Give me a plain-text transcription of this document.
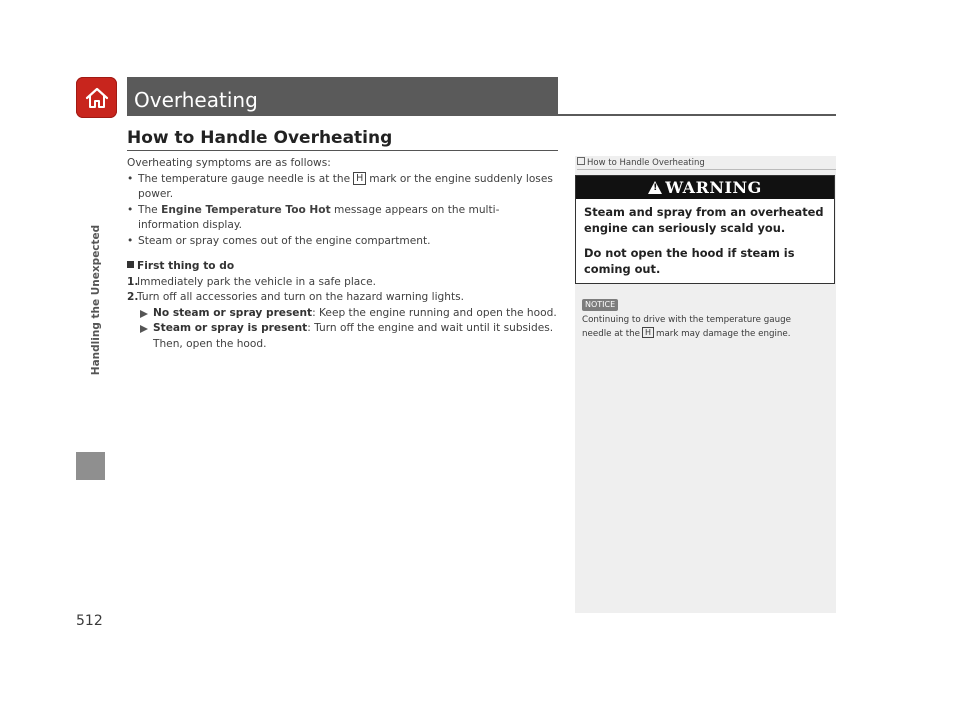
Handling the Unexpected
Overheating
How to Handle Overheating

Overheating symptoms are as follows:

• The temperature gauge needle is at the H mark or the engine suddenly loses power.

• The Engine Temperature Too Hot message appears on the multi-information display.

• Steam or spray comes out of the engine compartment.

First thing to do

1.
Immediately park the vehicle in a safe place.

2.
Turn off all accessories and turn on the hazard warning lights.

No steam or spray present: Keep the engine running and open the hood.

Steam or spray is present: Turn off the engine and wait until it subsides. Then, open the hood.

How to Handle Overheating
! WARNING

Steam and spray from an overheated engine can seriously scald you.

Do not open the hood if steam is coming out.

NOTICE

Continuing to drive with the temperature gauge

needle at the H mark may damage the engine.

512
